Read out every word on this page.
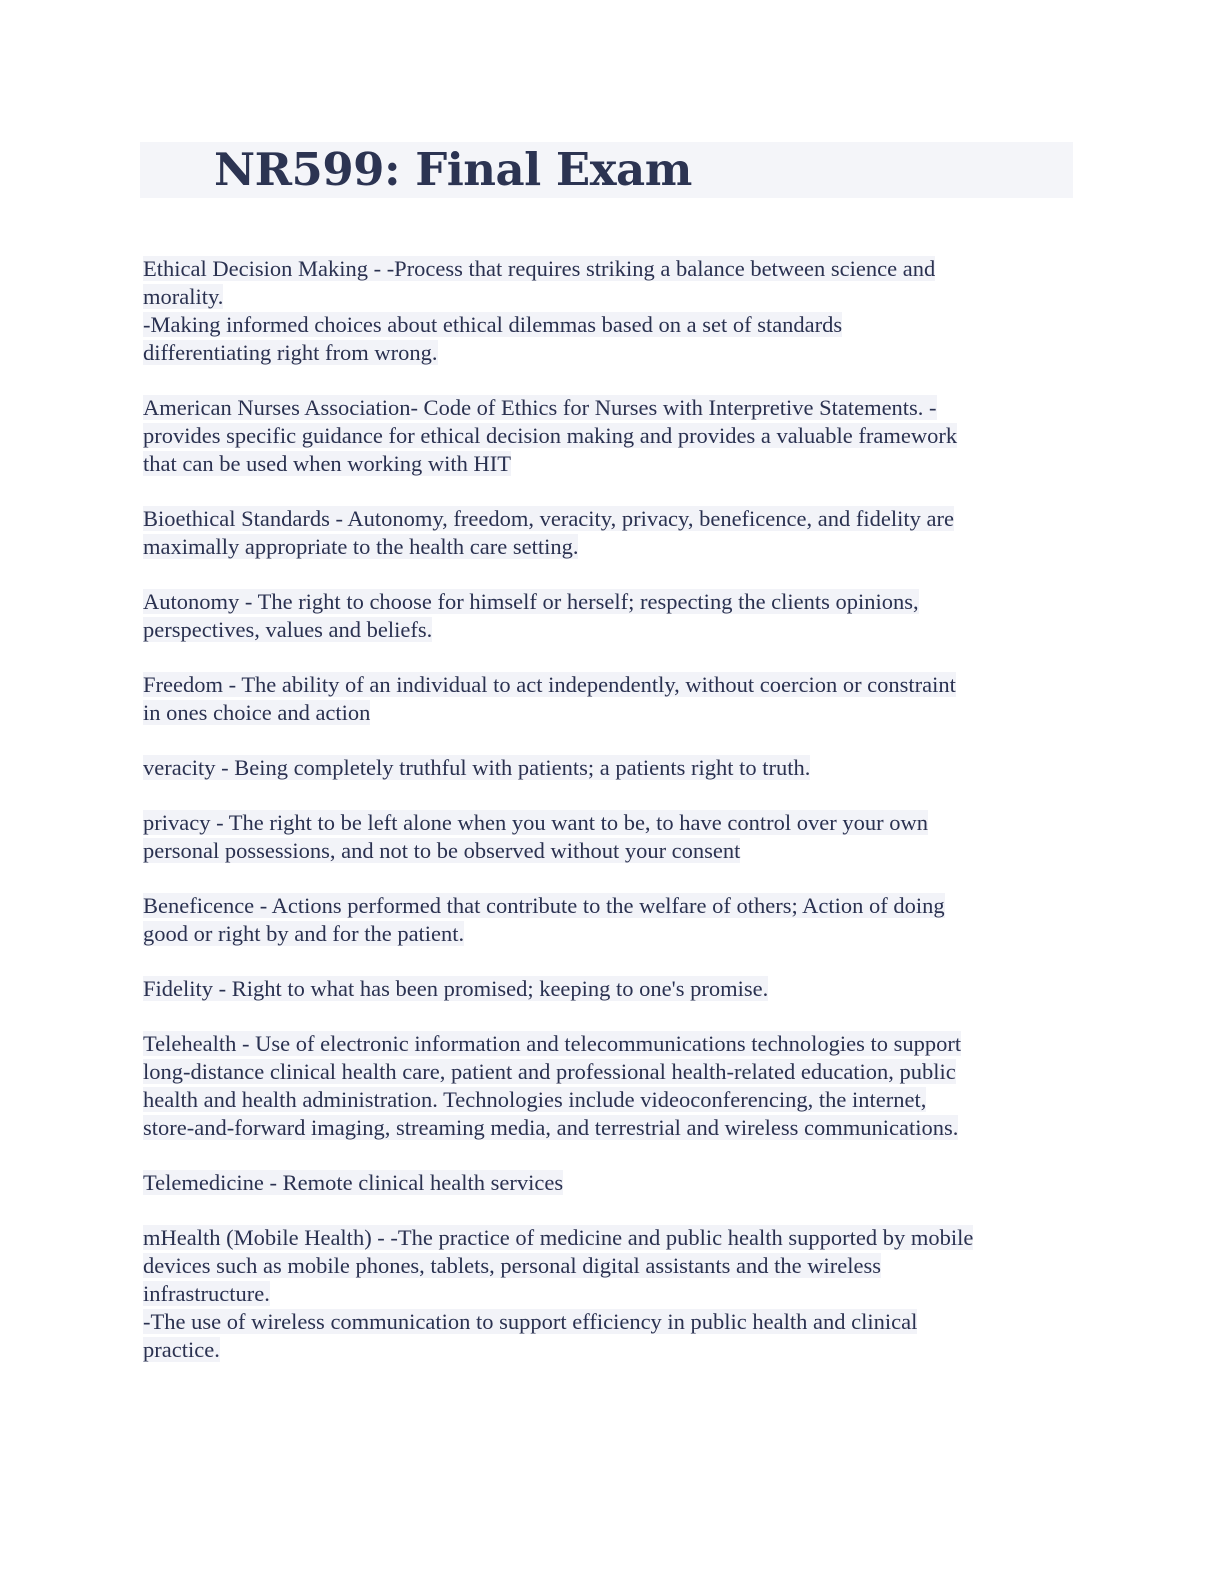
NR599: Final Exam
Ethical Decision Making - -Process that requires striking a balance between science and
morality.
-Making informed choices about ethical dilemmas based on a set of standards
differentiating right from wrong.
American Nurses Association- Code of Ethics for Nurses with Interpretive Statements. -
provides specific guidance for ethical decision making and provides a valuable framework
that can be used when working with HIT
Bioethical Standards - Autonomy, freedom, veracity, privacy, beneficence, and fidelity are
maximally appropriate to the health care setting.
Autonomy - The right to choose for himself or herself; respecting the clients opinions,
perspectives, values and beliefs.
Freedom - The ability of an individual to act independently, without coercion or constraint
in ones choice and action
veracity - Being completely truthful with patients; a patients right to truth.
privacy - The right to be left alone when you want to be, to have control over your own
personal possessions, and not to be observed without your consent
Beneficence - Actions performed that contribute to the welfare of others; Action of doing
good or right by and for the patient.
Fidelity - Right to what has been promised; keeping to one's promise.
Telehealth - Use of electronic information and telecommunications technologies to support
long-distance clinical health care, patient and professional health-related education, public
health and health administration. Technologies include videoconferencing, the internet,
store-and-forward imaging, streaming media, and terrestrial and wireless communications.
Telemedicine - Remote clinical health services
mHealth (Mobile Health) - -The practice of medicine and public health supported by mobile
devices such as mobile phones, tablets, personal digital assistants and the wireless
infrastructure.
-The use of wireless communication to support efficiency in public health and clinical
practice.
